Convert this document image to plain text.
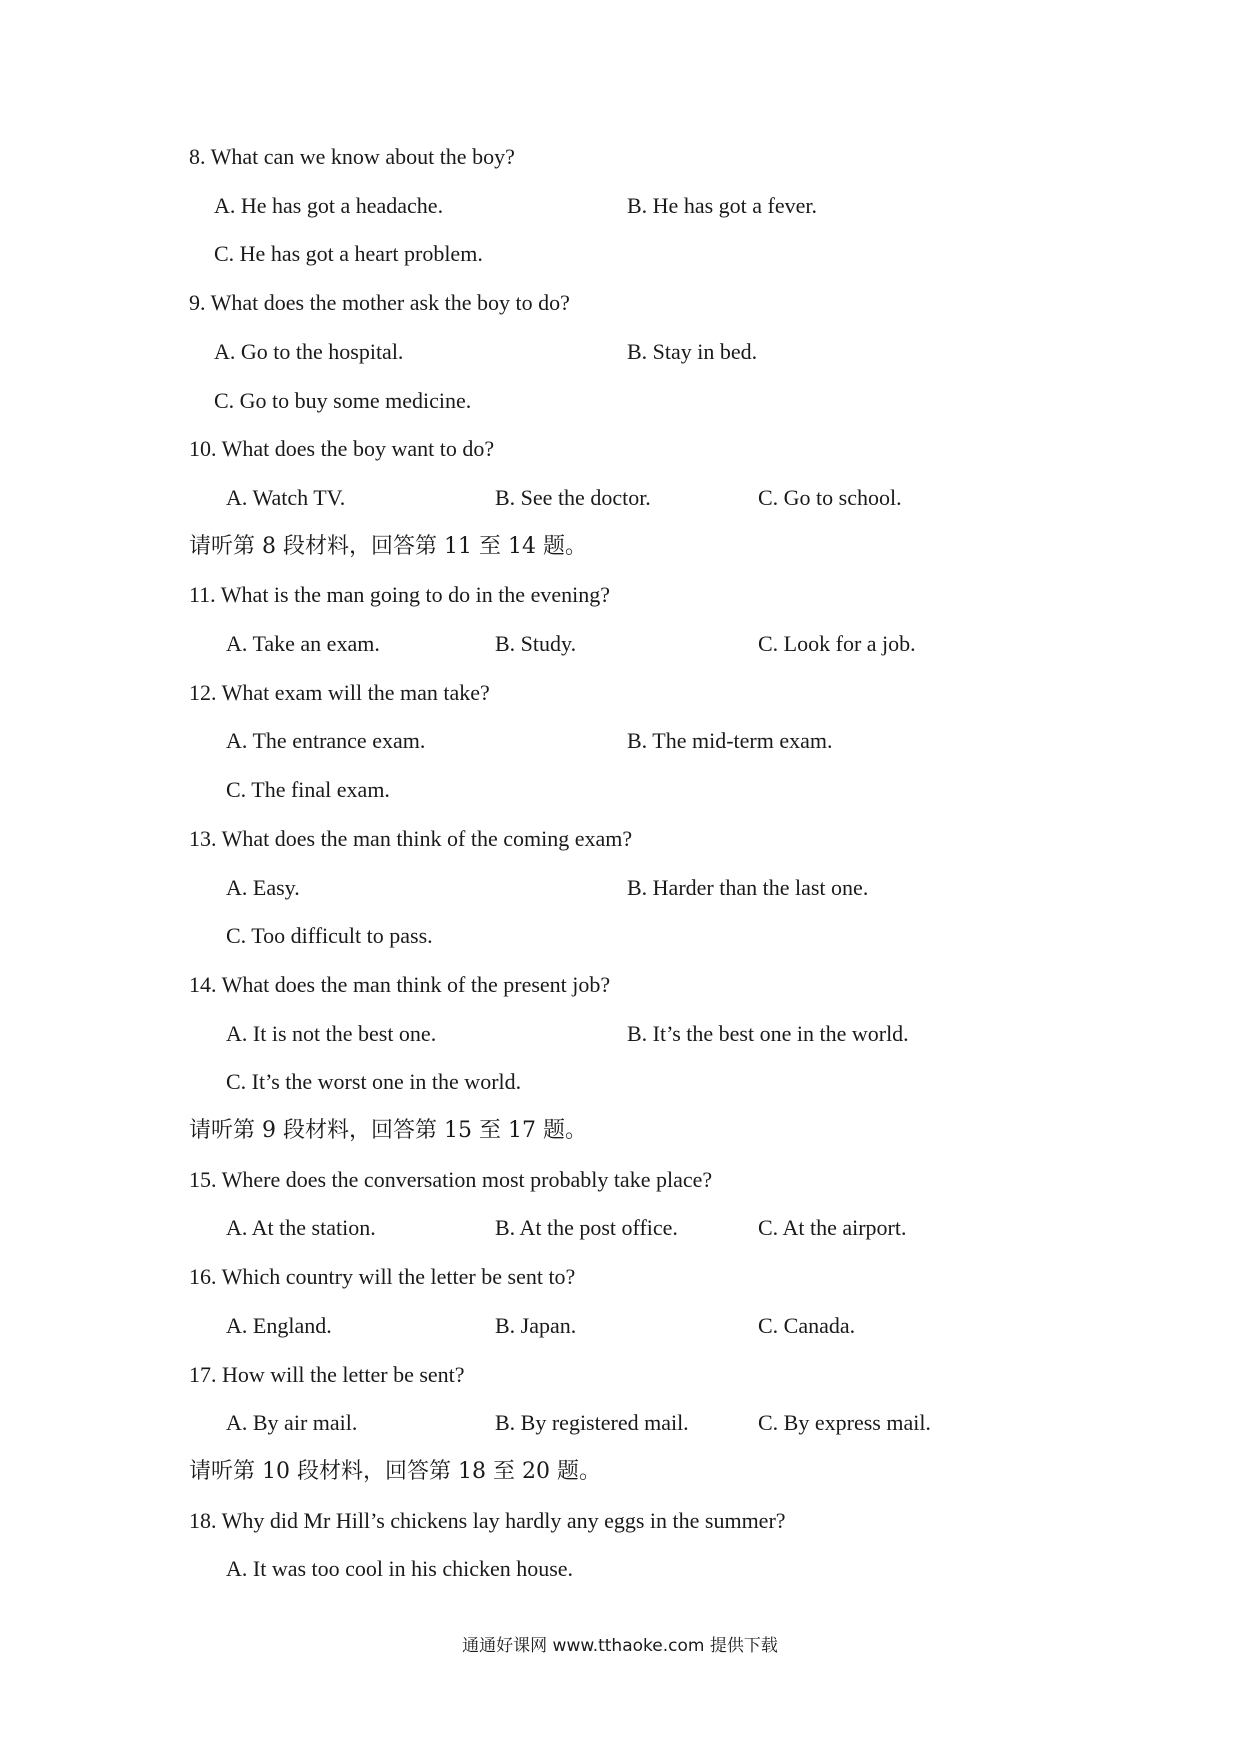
8. What can we know about the boy?
A. He has got a headache.	B. He has got a fever.
C. He has got a heart problem.
9. What does the mother ask the boy to do?
A. Go to the hospital.	B. Stay in bed.
C. Go to buy some medicine.
10. What does the boy want to do?
A. Watch TV.	B. See the doctor.	C. Go to school.
请听第 8 段材料，回答第 11 至 14 题。
11. What is the man going to do in the evening?
A. Take an exam.	B. Study.	C. Look for a job.
12. What exam will the man take?
A. The entrance exam.	B. The mid-term exam.
C. The final exam.
13. What does the man think of the coming exam?
A. Easy.	B. Harder than the last one.
C. Too difficult to pass.
14. What does the man think of the present job?
A. It is not the best one.	B. It’s the best one in the world.
C. It’s the worst one in the world.
请听第 9 段材料，回答第 15 至 17 题。
15. Where does the conversation most probably take place?
A. At the station.	B. At the post office.	C. At the airport.
16. Which country will the letter be sent to?
A. England.	B. Japan.	C. Canada.
17. How will the letter be sent?
A. By air mail.	B. By registered mail.	C. By express mail.
请听第 10 段材料，回答第 18 至 20 题。
18. Why did Mr Hill’s chickens lay hardly any eggs in the summer?
A. It was too cool in his chicken house.
通通好课网 www.tthaoke.com 提供下载
